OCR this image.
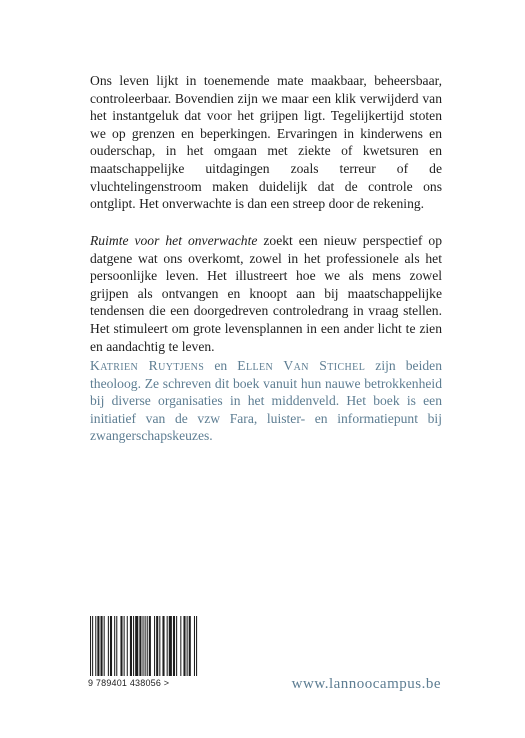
Ons leven lijkt in toenemende mate maakbaar, beheersbaar, controleerbaar. Bovendien zijn we maar een klik verwijderd van het instantgeluk dat voor het grijpen ligt. Tegelijkertijd stoten we op grenzen en beperkingen. Ervaringen in kinderwens en ouderschap, in het omgaan met ziekte of kwetsuren en maatschappelijke uitdagingen zoals terreur of de vluchtelingenstroom maken duidelijk dat de controle ons ontglipt. Het onverwachte is dan een streep door de rekening.

Ruimte voor het onverwachte zoekt een nieuw perspectief op datgene wat ons overkomt, zowel in het professionele als het persoonlijke leven. Het illustreert hoe we als mens zowel grijpen als ontvangen en knoopt aan bij maatschappelijke tendensen die een doorgedreven controledrang in vraag stellen. Het stimuleert om grote levensplannen in een ander licht te zien en aandachtig te leven.

Katrien Ruytjens en Ellen Van Stichel zijn beiden theoloog. Ze schreven dit boek vanuit hun nauwe betrokkenheid bij diverse organisaties in het middenveld. Het boek is een initiatief van de vzw Fara, luister- en informatiepunt bij zwangerschapskeuzes.

9 789401 438056 >	www.lannoocampus.be
